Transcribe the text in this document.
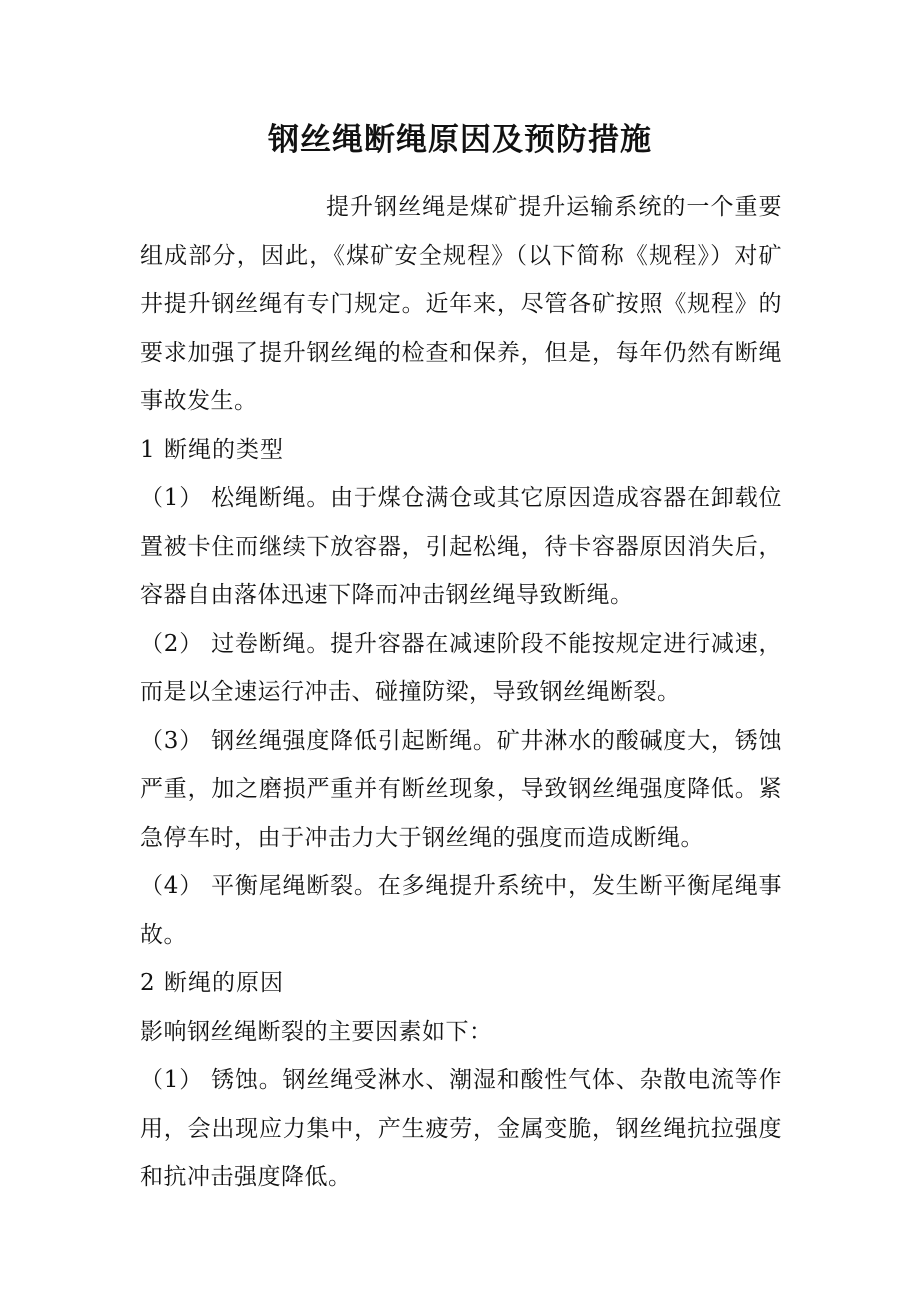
钢丝绳断绳原因及预防措施

提升钢丝绳是煤矿提升运输系统的一个重要组成部分，因此，《煤矿安全规程》（以下简称《规程》）对矿井提升钢丝绳有专门规定。近年来，尽管各矿按照《规程》的要求加强了提升钢丝绳的检查和保养，但是，每年仍然有断绳事故发生。

1 断绳的类型

（1） 松绳断绳。由于煤仓满仓或其它原因造成容器在卸载位置被卡住而继续下放容器，引起松绳，待卡容器原因消失后，容器自由落体迅速下降而冲击钢丝绳导致断绳。

（2） 过卷断绳。提升容器在减速阶段不能按规定进行减速，而是以全速运行冲击、碰撞防梁，导致钢丝绳断裂。

（3） 钢丝绳强度降低引起断绳。矿井淋水的酸碱度大，锈蚀严重，加之磨损严重并有断丝现象，导致钢丝绳强度降低。紧急停车时，由于冲击力大于钢丝绳的强度而造成断绳。

（4） 平衡尾绳断裂。在多绳提升系统中，发生断平衡尾绳事故。

2 断绳的原因

影响钢丝绳断裂的主要因素如下：

（1） 锈蚀。钢丝绳受淋水、潮湿和酸性气体、杂散电流等作用，会出现应力集中，产生疲劳，金属变脆，钢丝绳抗拉强度和抗冲击强度降低。
